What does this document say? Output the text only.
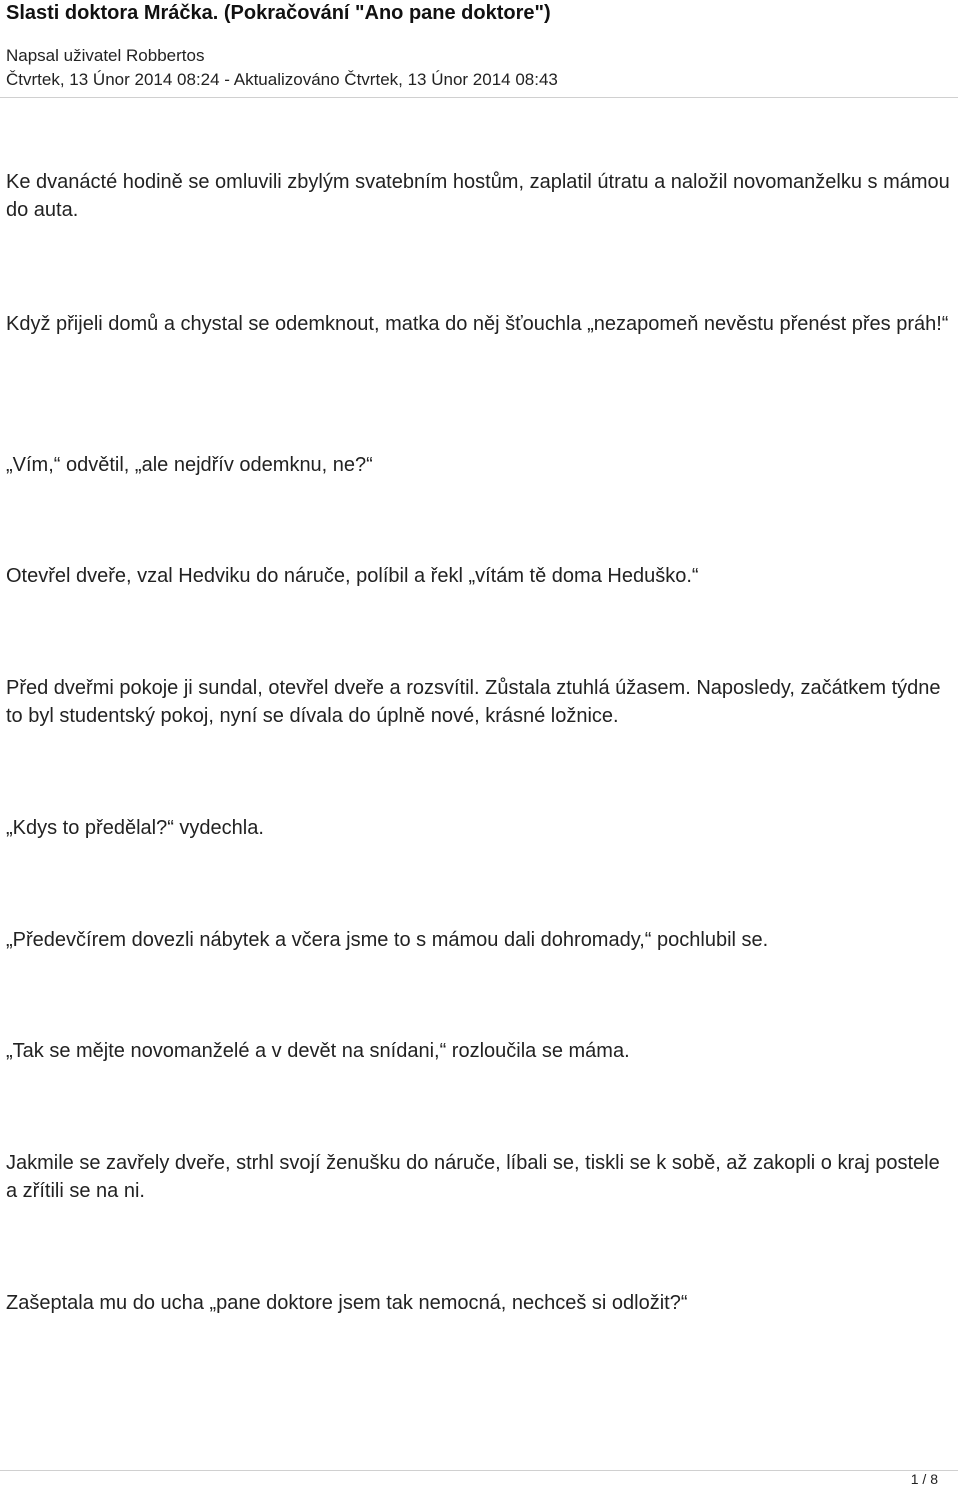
Slasti doktora Mráčka. (Pokračování "Ano pane doktore")
Napsal uživatel Robbertos
Čtvrtek, 13 Únor 2014 08:24 - Aktualizováno Čtvrtek, 13 Únor 2014 08:43
Ke dvanácté hodině se omluvili zbylým svatebním hostům, zaplatil útratu a naložil novomanželku s mámou do auta.
Když přijeli domů a chystal se odemknout, matka do něj šťouchla „nezapomeň nevěstu přenést přes práh!“
„Vím,“ odvětil, „ale nejdřív odemknu, ne?“
Otevřel dveře, vzal Hedviku do náruče, políbil a řekl „vítám tě doma Heduško.“
Před dveřmi pokoje ji sundal, otevřel dveře a rozsvítil. Zůstala ztuhlá úžasem. Naposledy, začátkem týdne to byl studentský pokoj, nyní se dívala do úplně nové, krásné ložnice.
„Kdys to předělal?“ vydechla.
„Předevčírem dovezli nábytek a včera jsme to s mámou dali dohromady,“ pochlubil se.
„Tak se mějte novomanželé a v devět na snídani,“ rozloučila se máma.
Jakmile se zavřely dveře, strhl svojí ženušku do náruče, líbali se, tiskli se k sobě, až zakopli o kraj postele a zřítili se na ni.
Zašeptala mu do ucha „pane doktore jsem tak nemocná, nechceš si odložit?“
1 / 8
